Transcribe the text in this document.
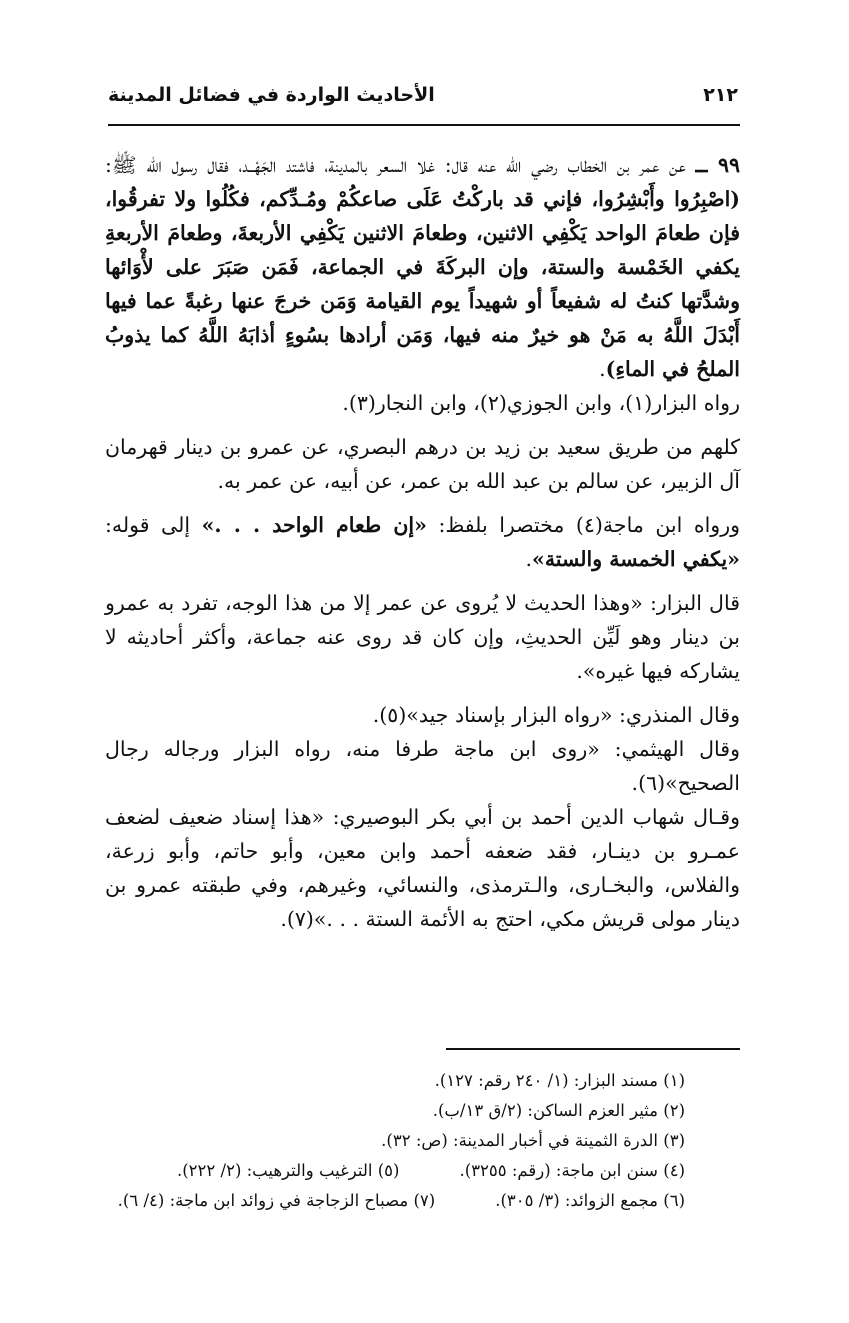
٢١٢
الأحاديث الواردة في فضائل المدينة

٩٩ ــ عن عمر بن الخطاب رضي الله عنه قال: غلا السعر بالمدينة، فاشتد الجَهْــد، فقال رسول الله ﷺ: (اصْبِرُوا وأَبْشِرُوا، فإني قد باركْتُ عَلَى صاعكُمْ ومُـدِّكم، فكُلُوا ولا تفرقُوا، فإن طعامَ الواحد يَكْفِي الاثنين، وطعامَ الاثنين يَكْفِي الأربعةَ، وطعامَ الأربعةِ يكفي الخَمْسة والستة، وإن البركَةَ في الجماعة، فَمَن صَبَرَ على لأْوَائها وشدَّتها كنتُ له شفيعاً أو شهيداً يوم القيامة وَمَن خرجَ عنها رغبةً عما فيها أَبْدَلَ اللَّهُ به مَنْ هو خيرٌ منه فيها، وَمَن أرادها بسُوءٍ أذابَهُ اللَّهُ كما يذوبُ الملحُ في الماءِ).

رواه البزار(١)، وابن الجوزي(٢)، وابن النجار(٣).

كلهم من طريق سعيد بن زيد بن درهم البصري، عن عمرو بن دينار قهرمان آل الزبير، عن سالم بن عبد الله بن عمر، عن أبيه، عن عمر به.

ورواه ابن ماجة(٤) مختصرا بلفظ: «إن طعام الواحد . . .» إلى قوله: «يكفي الخمسة والستة».

قال البزار: «وهذا الحديث لا يُروى عن عمر إلا من هذا الوجه، تفرد به عمرو بن دينار وهو لَيِّن الحديثِ، وإن كان قد روى عنه جماعة، وأكثر أحاديثه لا يشاركه فيها غيره».

وقال المنذري: «رواه البزار بإسناد جيد»(٥).

وقال الهيثمي: «روى ابن ماجة طرفا منه، رواه البزار ورجاله رجال الصحيح»(٦).

وقـال شهاب الدين أحمد بن أبي بكر البوصيري: «هذا إسناد ضعيف لضعف عمـرو بن دينـار، فقد ضعفه أحمد وابن معين، وأبو حاتم، وأبو زرعة، والفلاس، والبخـارى، والـترمذى، والنسائي، وغيرهم، وفي طبقته عمرو بن دينار مولى قريش مكي، احتج به الأئمة الستة . . .»(٧).

(١) مسند البزار: (١/ ٢٤٠ رقم: ١٢٧).
(٢) مثير العزم الساكن: (٢/ق ١٣/ب).
(٣) الدرة الثمينة في أخبار المدينة: (ص: ٣٢).
(٤) سنن ابن ماجة: (رقم: ٣٢٥٥).(٥) الترغيب والترهيب: (٢/ ٢٢٢).
(٦) مجمع الزوائد: (٣/ ٣٠٥).(٧) مصباح الزجاجة في زوائد ابن ماجة: (٤/ ٦).
